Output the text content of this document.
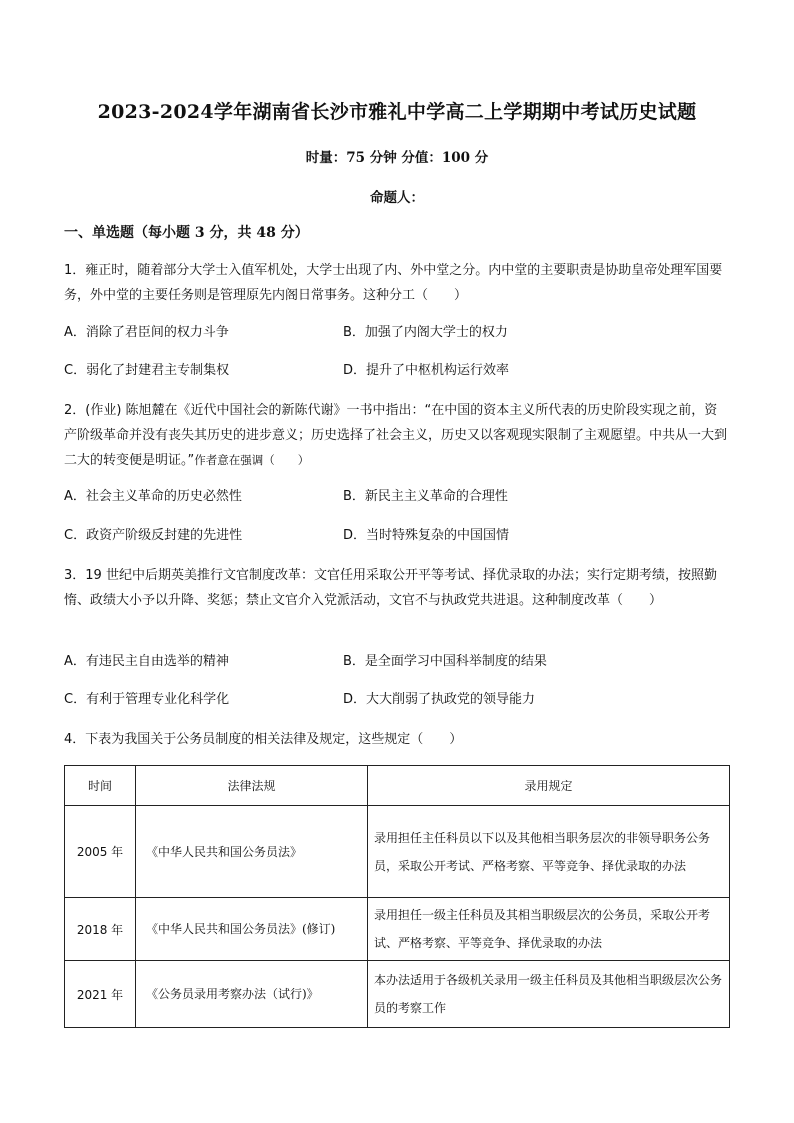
2023-2024学年湖南省长沙市雅礼中学高二上学期期中考试历史试题
时量：75 分钟 分值：100 分
命题人：
一、单选题（每小题 3 分，共 48 分）
1．雍正时，随着部分大学士入值军机处，大学士出现了内、外中堂之分。内中堂的主要职责是协助皇帝处理军国要务，外中堂的主要任务则是管理原先内阁日常事务。这种分工（　　）
A．消除了君臣间的权力斗争	B．加强了内阁大学士的权力
C．弱化了封建君主专制集权	D．提升了中枢机构运行效率
2．(作业) 陈旭麓在《近代中国社会的新陈代谢》一书中指出：“在中国的资本主义所代表的历史阶段实现之前，资产阶级革命并没有丧失其历史的进步意义；历史选择了社会主义，历史又以客观现实限制了主观愿望。中共从一大到二大的转变便是明证。”作者意在强调（　　）
A．社会主义革命的历史必然性	B．新民主主义革命的合理性
C．政资产阶级反封建的先进性	D．当时特殊复杂的中国国情
3．19 世纪中后期英美推行文官制度改革：文官任用采取公开平等考试、择优录取的办法；实行定期考绩，按照勤惰、政绩大小予以升降、奖惩；禁止文官介入党派活动，文官不与执政党共进退。这种制度改革（　　）
A．有违民主自由选举的精神	B．是全面学习中国科举制度的结果
C．有利于管理专业化科学化	D．大大削弱了执政党的领导能力
4．下表为我国关于公务员制度的相关法律及规定，这些规定（　　）
时间	法律法规	录用规定
2005 年	《中华人民共和国公务员法》	录用担任主任科员以下以及其他相当职务层次的非领导职务公务员，采取公开考试、严格考察、平等竞争、择优录取的办法
2018 年	《中华人民共和国公务员法》(修订)	录用担任一级主任科员及其相当职级层次的公务员，采取公开考试、严格考察、平等竞争、择优录取的办法
2021 年	《公务员录用考察办法（试行)》	本办法适用于各级机关录用一级主任科员及其他相当职级层次公务员的考察工作
